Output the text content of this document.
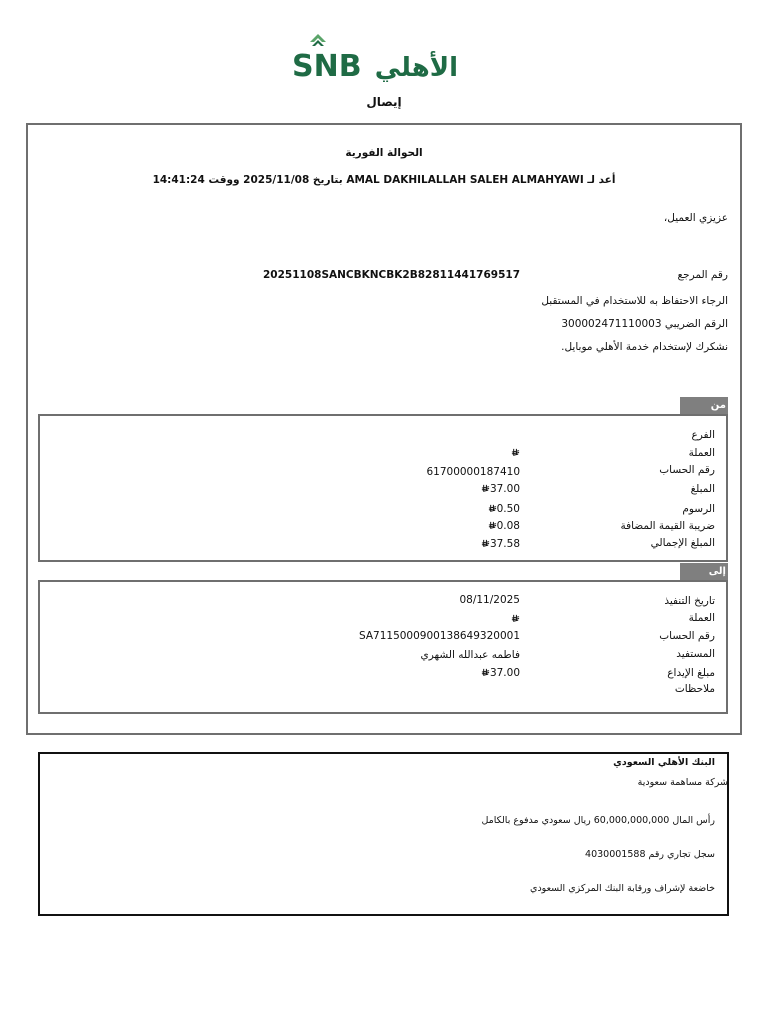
SNB الأهلي
إيصال
الحوالة الفورية
أعد لـ AMAL DAKHILALLAH SALEH ALMAHYAWI بتاريخ 2025/11/08 ووقت 14:41:24
عزيزي العميل،
رقم المرجع
20251108SANCBKNCBK2B82811441769517
الرجاء الاحتفاظ به للاستخدام في المستقبل
الرقم الضريبي 300002471110003
نشكرك لإستخدام خدمة الأهلي موبايل.
من
الفرع
العملة
رقم الحساب
61700000187410
المبلغ
37.00
الرسوم
0.50
ضريبة القيمة المضافة
0.08
المبلغ الإجمالي
37.58
إلى
تاريخ التنفيذ
08/11/2025
العملة
رقم الحساب
SA7115000900138649320001
المستفيد
فاطمه عبدالله الشهري
مبلغ الإيداع
37.00
ملاحظات
البنك الأهلي السعودي
شركة مساهمة سعودية
رأس المال 60,000,000,000 ريال سعودي مدفوع بالكامل
سجل تجاري رقم 4030001588
خاضعة لإشراف ورقابة البنك المركزي السعودي
